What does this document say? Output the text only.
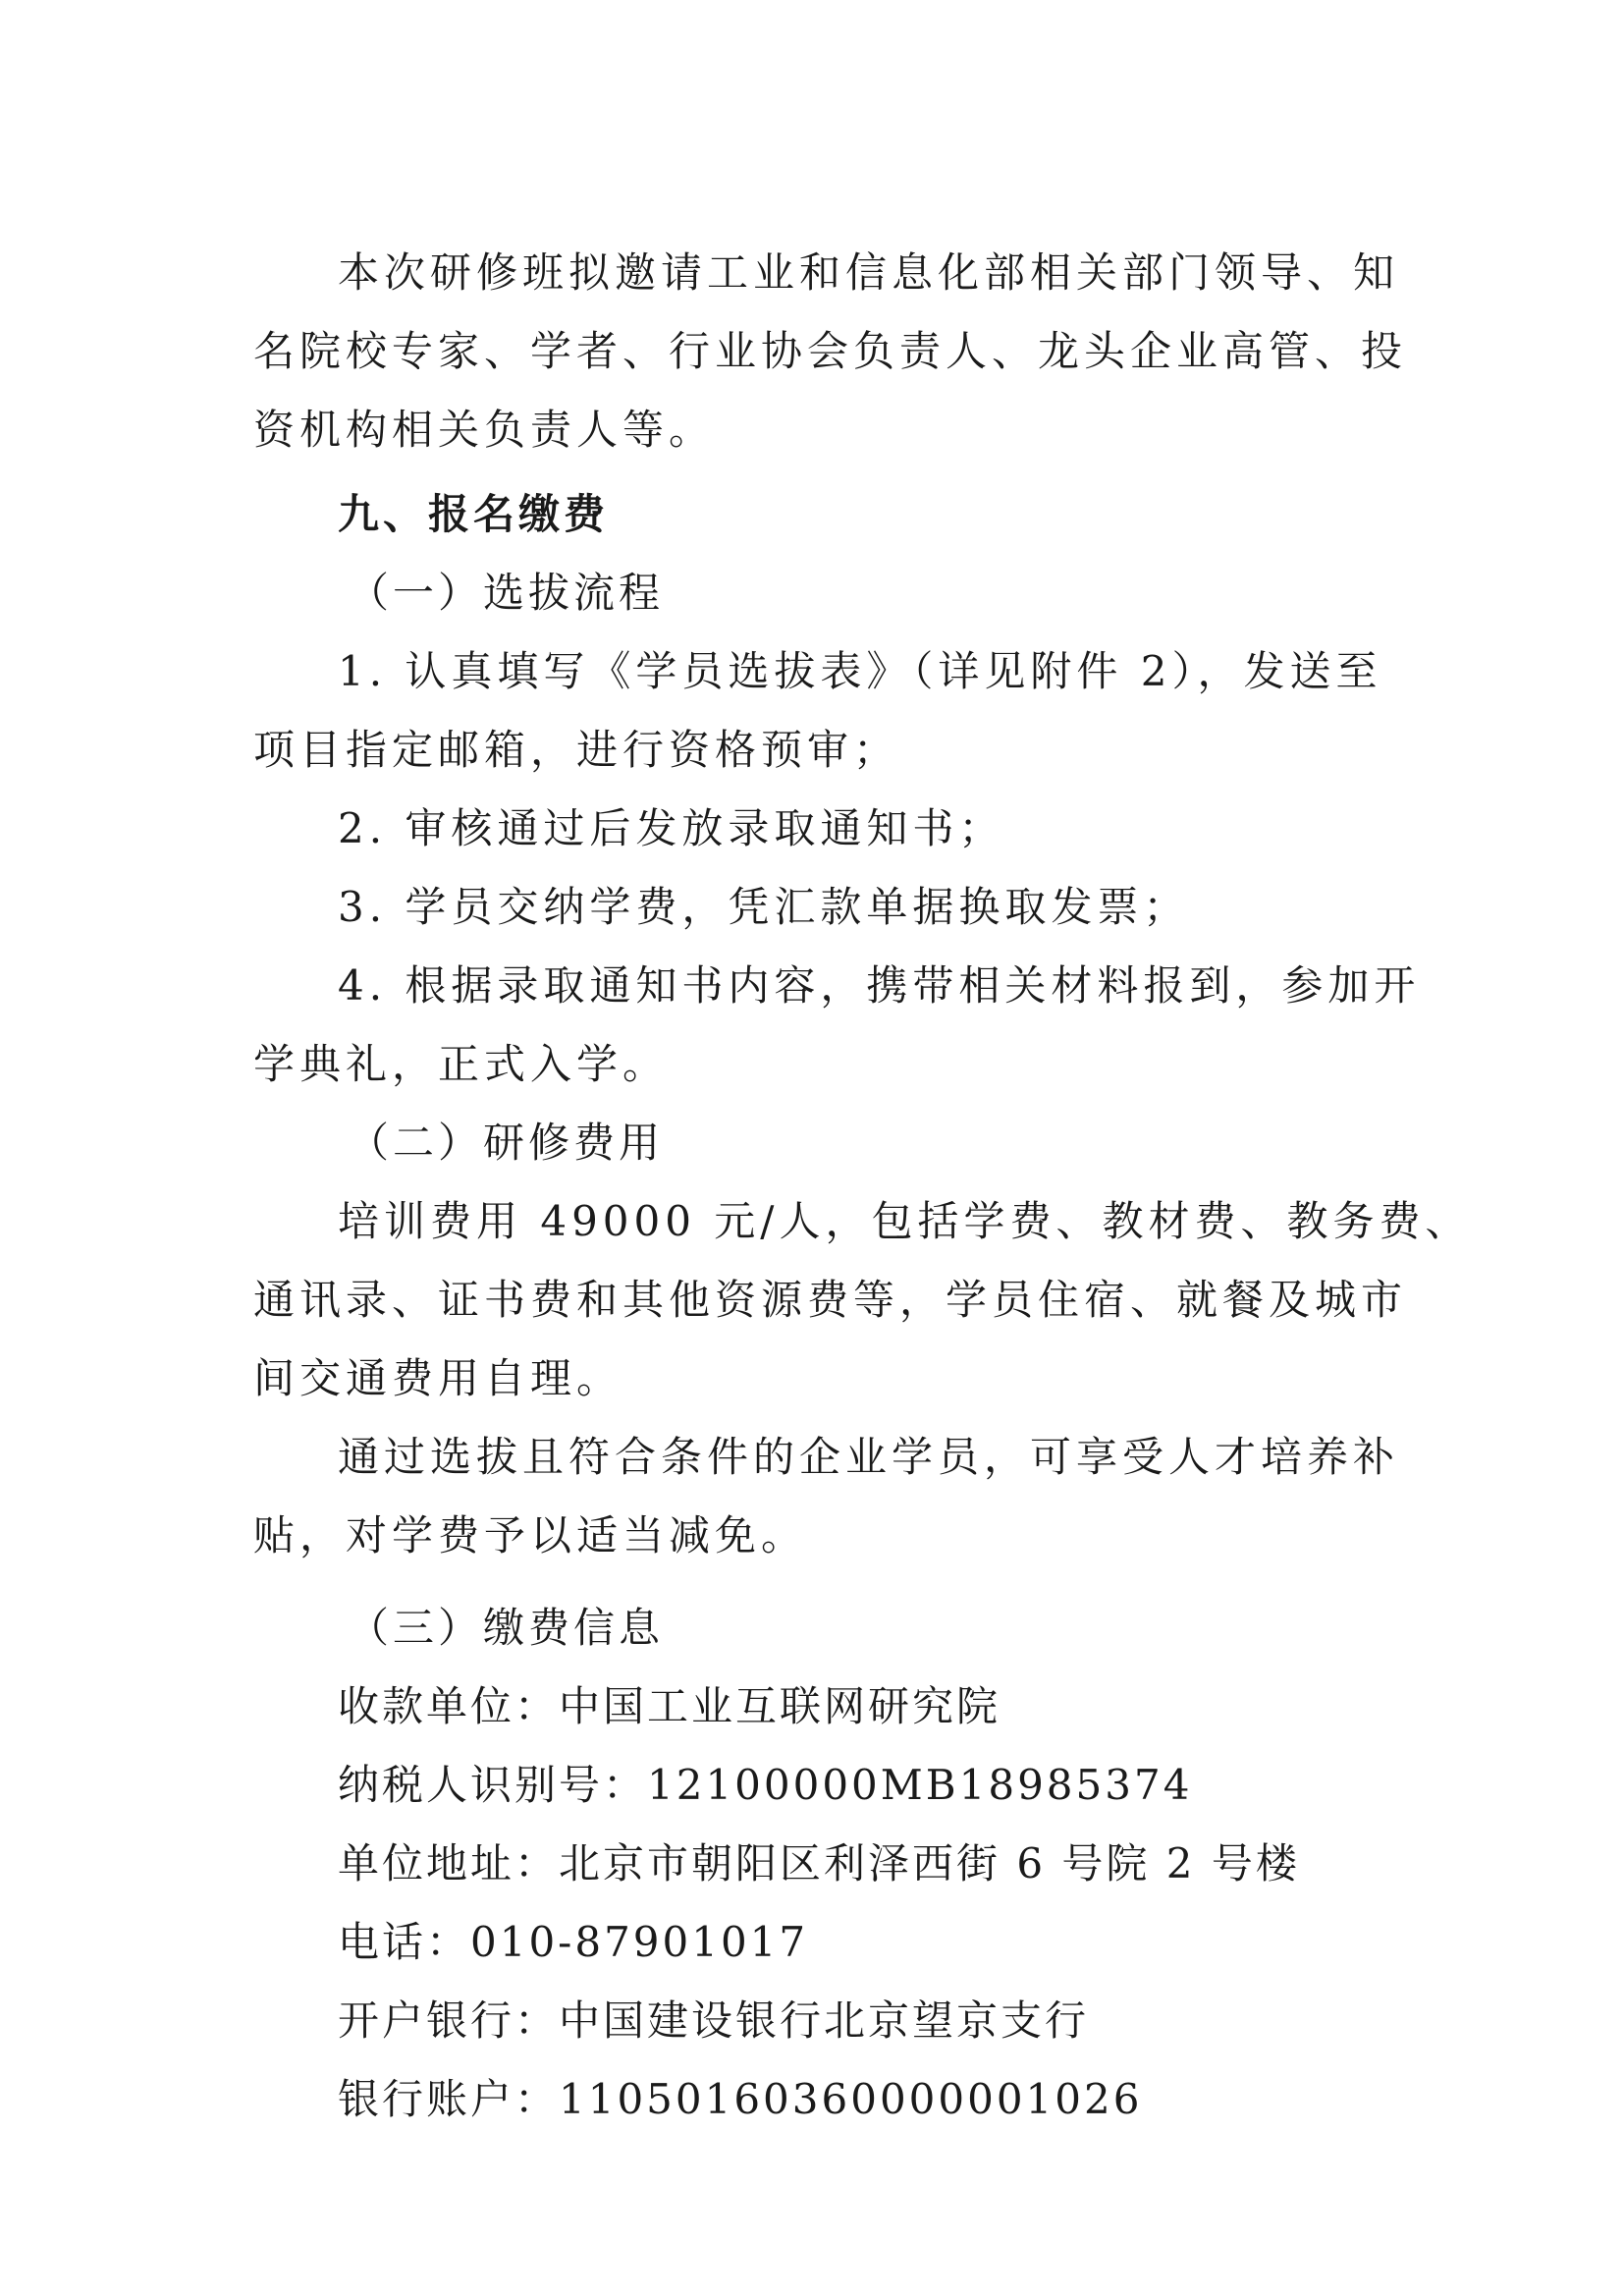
本次研修班拟邀请工业和信息化部相关部门领导、知
名院校专家、学者、行业协会负责人、龙头企业高管、投
资机构相关负责人等。
九、报名缴费
（一）选拔流程
1. 认真填写《学员选拔表》（详见附件 2），发送至
项目指定邮箱，进行资格预审；
2. 审核通过后发放录取通知书；
3. 学员交纳学费，凭汇款单据换取发票；
4. 根据录取通知书内容，携带相关材料报到，参加开
学典礼，正式入学。
（二）研修费用
培训费用 49000 元/人，包括学费、教材费、教务费、
通讯录、证书费和其他资源费等，学员住宿、就餐及城市
间交通费用自理。
通过选拔且符合条件的企业学员，可享受人才培养补
贴，对学费予以适当减免。
（三）缴费信息
收款单位：中国工业互联网研究院
纳税人识别号：12100000MB18985374
单位地址：北京市朝阳区利泽西街 6 号院 2 号楼
电话：010-87901017
开户银行：中国建设银行北京望京支行
银行账户：11050160360000001026
